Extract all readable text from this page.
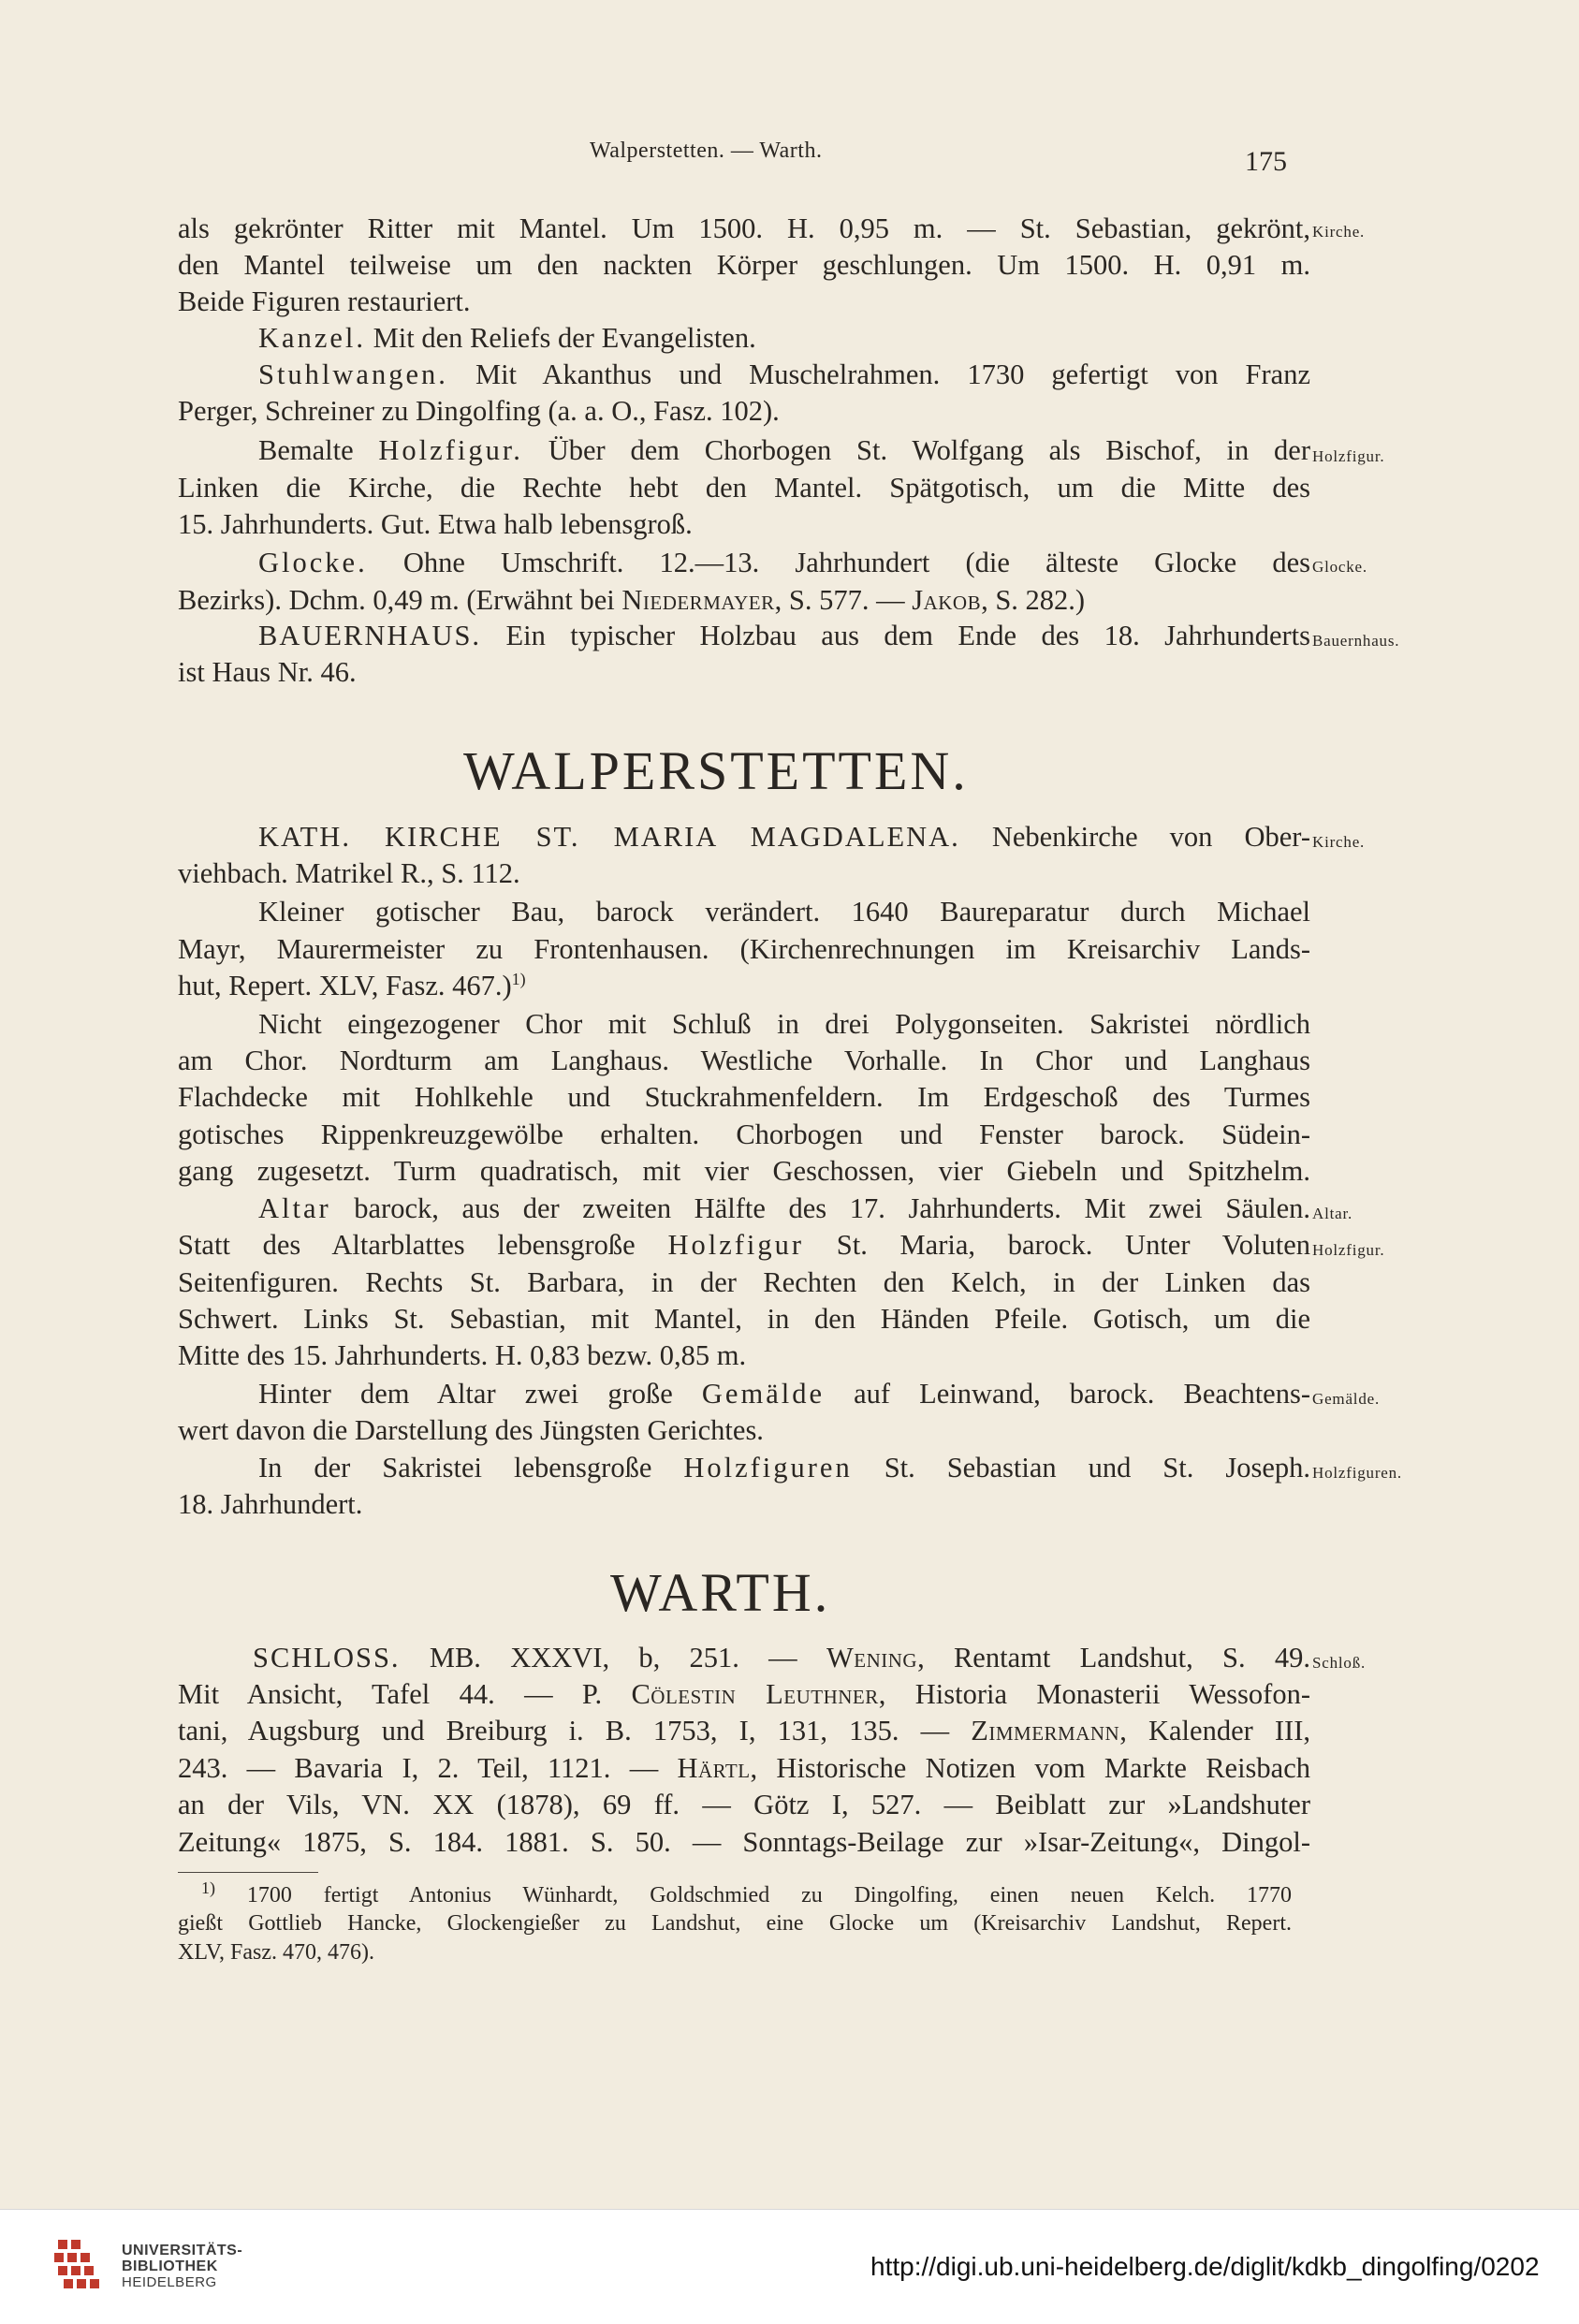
Walperstetten. — Warth.	175
als gekrönter Ritter mit Mantel. Um 1500. H. 0,95 m. — St. Sebastian, gekrönt,
den Mantel teilweise um den nackten Körper geschlungen. Um 1500. H. 0,91 m.
Beide Figuren restauriert.
Kanzel. Mit den Reliefs der Evangelisten.
Stuhlwangen. Mit Akanthus und Muschelrahmen. 1730 gefertigt von Franz
Perger, Schreiner zu Dingolfing (a. a. O., Fasz. 102).
Bemalte Holzfigur. Über dem Chorbogen St. Wolfgang als Bischof, in der
Linken die Kirche, die Rechte hebt den Mantel. Spätgotisch, um die Mitte des
15. Jahrhunderts. Gut. Etwa halb lebensgroß.
Glocke. Ohne Umschrift. 12.—13. Jahrhundert (die älteste Glocke des
Bezirks). Dchm. 0,49 m. (Erwähnt bei Niedermayer, S. 577. — Jakob, S. 282.)
BAUERNHAUS. Ein typischer Holzbau aus dem Ende des 18. Jahrhunderts
ist Haus Nr. 46.
WALPERSTETTEN.
KATH. KIRCHE ST. MARIA MAGDALENA. Nebenkirche von Ober-
viehbach. Matrikel R., S. 112.
Kleiner gotischer Bau, barock verändert. 1640 Baureparatur durch Michael
Mayr, Maurermeister zu Frontenhausen. (Kirchenrechnungen im Kreisarchiv Lands-
hut, Repert. XLV, Fasz. 467.)$^{1)}$
Nicht eingezogener Chor mit Schluß in drei Polygonseiten. Sakristei nördlich
am Chor. Nordturm am Langhaus. Westliche Vorhalle. In Chor und Langhaus
Flachdecke mit Hohlkehle und Stuckrahmenfeldern. Im Erdgeschoß des Turmes
gotisches Rippenkreuzgewölbe erhalten. Chorbogen und Fenster barock. Südein-
gang zugesetzt. Turm quadratisch, mit vier Geschossen, vier Giebeln und Spitzhelm.
Altar barock, aus der zweiten Hälfte des 17. Jahrhunderts. Mit zwei Säulen.
Statt des Altarblattes lebensgroße Holzfigur St. Maria, barock. Unter Voluten
Seitenfiguren. Rechts St. Barbara, in der Rechten den Kelch, in der Linken das
Schwert. Links St. Sebastian, mit Mantel, in den Händen Pfeile. Gotisch, um die
Mitte des 15. Jahrhunderts. H. 0,83 bezw. 0,85 m.
Hinter dem Altar zwei große Gemälde auf Leinwand, barock. Beachtens-
wert davon die Darstellung des Jüngsten Gerichtes.
In der Sakristei lebensgroße Holzfiguren St. Sebastian und St. Joseph.
18. Jahrhundert.
WARTH.
SCHLOSS. MB. XXXVI, b, 251. — Wening, Rentamt Landshut, S. 49.
Mit Ansicht, Tafel 44. — P. Cölestin Leuthner, Historia Monasterii Wessofon-
tani, Augsburg und Breiburg i. B. 1753, I, 131, 135. — Zimmermann, Kalender III,
243. — Bavaria I, 2. Teil, 1121. — Härtl, Historische Notizen vom Markte Reisbach
an der Vils, VN. XX (1878), 69 ff. — Götz I, 527. — Beiblatt zur »Landshuter
Zeitung« 1875, S. 184. 1881. S. 50. — Sonntags-Beilage zur »Isar-Zeitung«, Dingol-
$^{1)}$ 1700 fertigt Antonius Wünhardt, Goldschmied zu Dingolfing, einen neuen Kelch. 1770
gießt Gottlieb Hancke, Glockengießer zu Landshut, eine Glocke um (Kreisarchiv Landshut, Repert.
XLV, Fasz. 470, 476).
Kirche.
Holzfigur.
Glocke.
Bauernhaus.
Kirche.
Altar.
Holzfigur.
Gemälde.
Holzfiguren.
Schloß.
UNIVERSITÄTS-
BIBLIOTHEK
HEIDELBERG
http://digi.ub.uni-heidelberg.de/diglit/kdkb_dingolfing/0202
